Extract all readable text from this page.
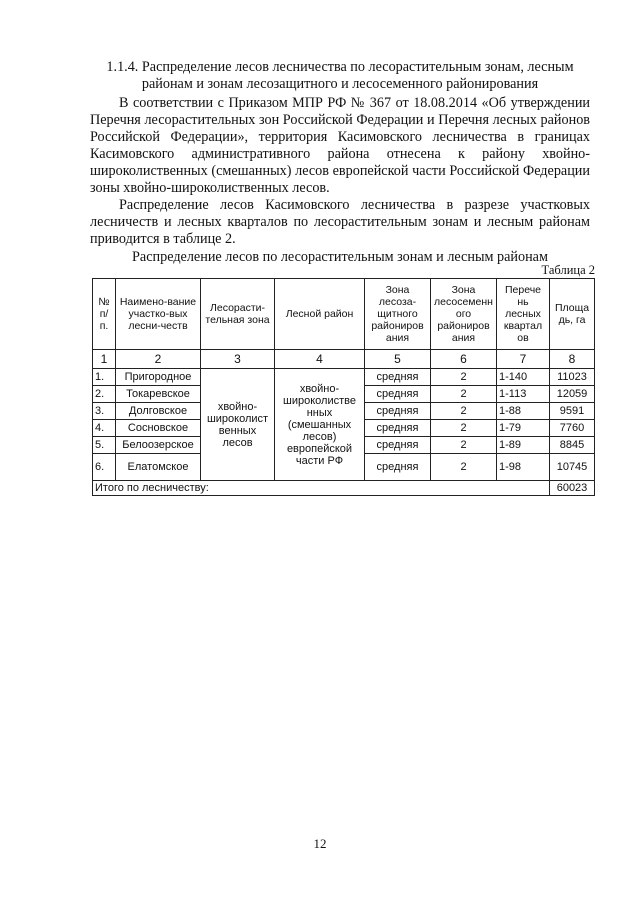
1.1.4. Распределение лесов лесничества по лесорастительным зонам, лесным районам и зонам лесозащитного и лесосеменного районирования

В соответствии с Приказом МПР РФ № 367 от 18.08.2014 «Об утверждении Перечня лесорастительных зон Российской Федерации и Перечня лесных районов Российской Федерации», территория Касимовского лесничества в границах Касимовского административного района отнесена к району хвойно-широколиственных (смешанных) лесов европейской части Российской Федерации зоны хвойно-широколиственных лесов.

Распределение лесов Касимовского лесничества в разрезе участковых лесничеств и лесных кварталов по лесорастительным зонам и лесным районам приводится в таблице 2.

Распределение лесов по лесорастительным зонам и лесным районам
Таблица 2
№ п/ п.	Наимено-вание участко-вых лесни-честв	Лесорасти-тельная зона	Лесной район	Зона лесоза-щитного райониров ания	Зона лесосеменн ого райониров ания	Перече нь лесных квартал ов	Площа дь, га
1	2	3	4	5	6	7	8
1.	Пригородное	хвойно-широколист венных лесов	хвойно-широколистве нных (смешанных лесов) европейской части РФ	средняя	2	1-140	11023
2.	Токаревское			средняя	2	1-113	12059
3.	Долговское			средняя	2	1-88	9591
4.	Сосновское			средняя	2	1-79	7760
5.	Белоозерское			средняя	2	1-89	8845
6.	Елатомское			средняя	2	1-98	10745
Итого по лесничеству:							60023
12
